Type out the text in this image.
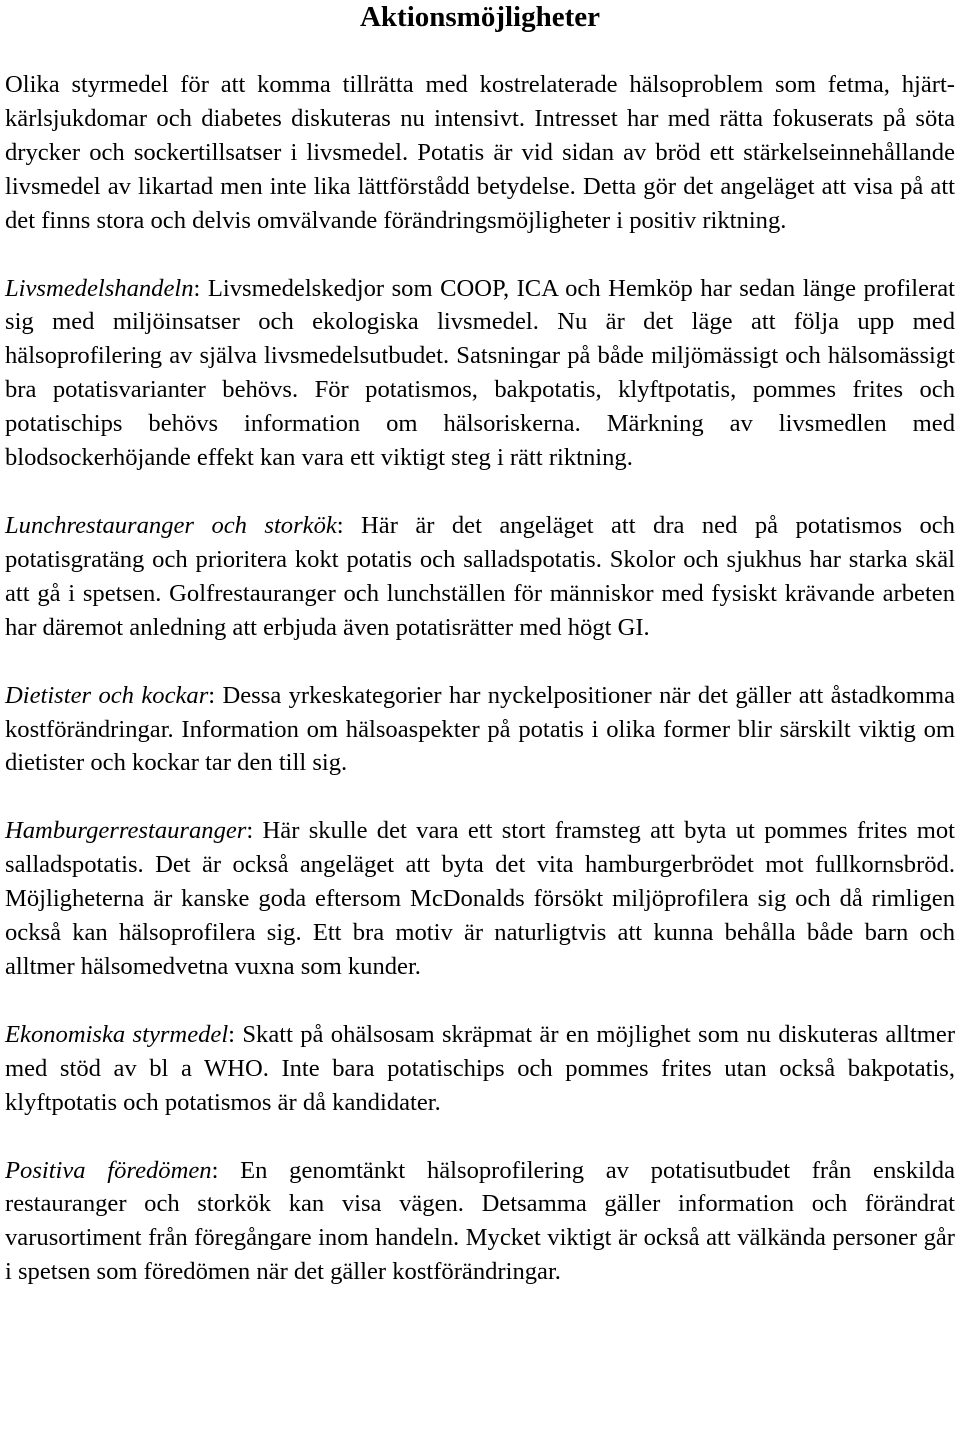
Aktionsmöjligheter

Olika styrmedel för att komma tillrätta med kostrelaterade hälsoproblem som fetma, hjärt-kärlsjukdomar och diabetes diskuteras nu intensivt. Intresset har med rätta fokuserats på söta drycker och sockertillsatser i livsmedel. Potatis är vid sidan av bröd ett stärkelseinnehållande livsmedel av likartad men inte lika lättförstådd betydelse. Detta gör det angeläget att visa på att det finns stora och delvis omvälvande förändringsmöjligheter i positiv riktning.

Livsmedelshandeln: Livsmedelskedjor som COOP, ICA och Hemköp har sedan länge profilerat sig med miljöinsatser och ekologiska livsmedel. Nu är det läge att följa upp med hälsoprofilering av själva livsmedelsutbudet. Satsningar på både miljömässigt och hälsomässigt bra potatisvarianter behövs. För potatismos, bakpotatis, klyftpotatis, pommes frites och potatischips behövs information om hälsoriskerna. Märkning av livsmedlen med blodsockerhöjande effekt kan vara ett viktigt steg i rätt riktning.

Lunchrestauranger och storkök: Här är det angeläget att dra ned på potatismos och potatisgratäng och prioritera kokt potatis och salladspotatis. Skolor och sjukhus har starka skäl att gå i spetsen. Golfrestauranger och lunchställen för människor med fysiskt krävande arbeten har däremot anledning att erbjuda även potatisrätter med högt GI.

Dietister och kockar: Dessa yrkeskategorier har nyckelpositioner när det gäller att åstadkomma kostförändringar. Information om hälsoaspekter på potatis i olika former blir särskilt viktig om dietister och kockar tar den till sig.

Hamburgerrestauranger: Här skulle det vara ett stort framsteg att byta ut pommes frites mot salladspotatis. Det är också angeläget att byta det vita hamburgerbrödet mot fullkornsbröd. Möjligheterna är kanske goda eftersom McDonalds försökt miljöprofilera sig och då rimligen också kan hälsoprofilera sig. Ett bra motiv är naturligtvis att kunna behålla både barn och alltmer hälsomedvetna vuxna som kunder.

Ekonomiska styrmedel: Skatt på ohälsosam skräpmat är en möjlighet som nu diskuteras alltmer med stöd av bl a WHO. Inte bara potatischips och pommes frites utan också bakpotatis, klyftpotatis och potatismos är då kandidater.

Positiva föredömen: En genomtänkt hälsoprofilering av potatisutbudet från enskilda restauranger och storkök kan visa vägen. Detsamma gäller information och förändrat varusortiment från föregångare inom handeln. Mycket viktigt är också att välkända personer går i spetsen som föredömen när det gäller kostförändringar.
